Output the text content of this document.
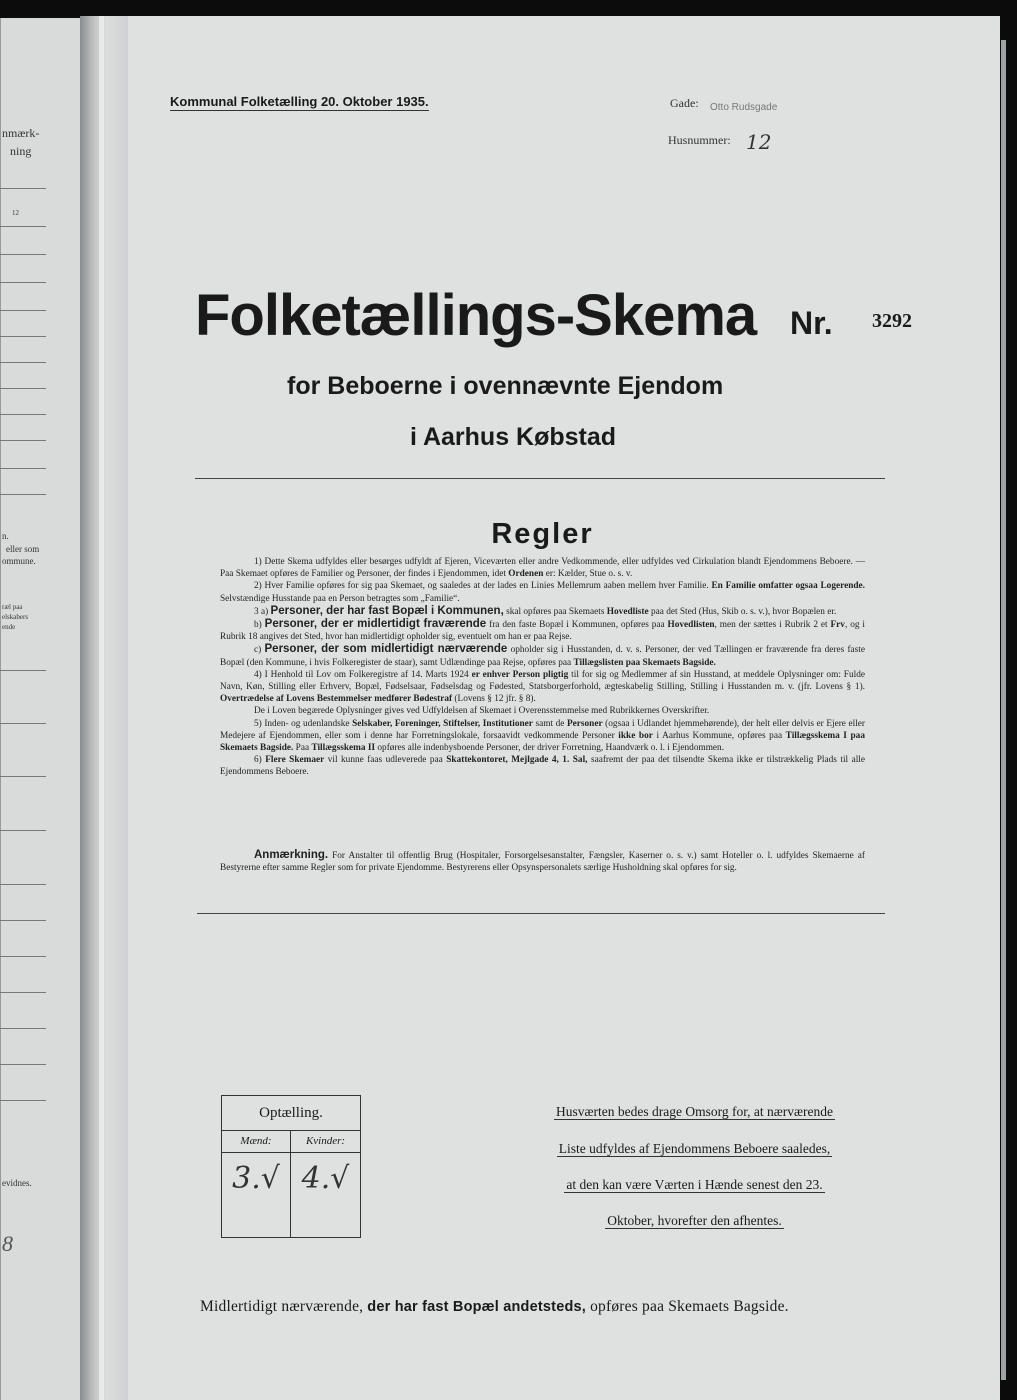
nmærk-
ning
12
n.
eller som
ommune.
ræl paa
elskabers
ende
evidnes.
8
Kommunal Folketælling 20. Oktober 1935.	Gade: Otto Rudsgade
Husnummer: 12
Folketællings-Skema Nr. 3292
for Beboerne i ovennævnte Ejendom
i Aarhus Købstad
Regler

1) Dette Skema udfyldes eller besørges udfyldt af Ejeren, Viceværten eller andre Vedkommende, eller udfyldes ved Cirkulation blandt Ejendommens Beboere. — Paa Skemaet opføres de Familier og Personer, der findes i Ejendommen, idet Ordenen er: Kælder, Stue o. s. v.

2) Hver Familie opføres for sig paa Skemaet, og saaledes at der lades en Linies Mellemrum aaben mellem hver Familie. En Familie omfatter ogsaa Logerende. Selvstændige Husstande paa en Person betragtes som „Familie“.

3 a) Personer, der har fast Bopæl i Kommunen, skal opføres paa Skemaets Hovedliste paa det Sted (Hus, Skib o. s. v.), hvor Bopælen er.

b) Personer, der er midlertidigt fraværende fra den faste Bopæl i Kommunen, opføres paa Hovedlisten, men der sættes i Rubrik 2 et Frv, og i Rubrik 18 angives det Sted, hvor han midlertidigt opholder sig, eventuelt om han er paa Rejse.

c) Personer, der som midlertidigt nærværende opholder sig i Husstanden, d. v. s. Personer, der ved Tællingen er fraværende fra deres faste Bopæl (den Kommune, i hvis Folkeregister de staar), samt Udlændinge paa Rejse, opføres paa Tillægslisten paa Skemaets Bagside.

4) I Henhold til Lov om Folkeregistre af 14. Marts 1924 er enhver Person pligtig til for sig og Medlemmer af sin Husstand, at meddele Oplysninger om: Fulde Navn, Køn, Stilling eller Erhverv, Bopæl, Fødselsaar, Fødselsdag og Fødested, Statsborgerforhold, ægteskabelig Stilling, Stilling i Husstanden m. v. (jfr. Lovens § 1). Overtrædelse af Lovens Bestemmelser medfører Bødestraf (Lovens § 12 jfr. § 8).

De i Loven begærede Oplysninger gives ved Udfyldelsen af Skemaet i Overensstemmelse med Rubrikkernes Overskrifter.

5) Inden- og udenlandske Selskaber, Foreninger, Stiftelser, Institutioner samt de Personer (ogsaa i Udlandet hjemmehørende), der helt eller delvis er Ejere eller Medejere af Ejendommen, eller som i denne har Forretningslokale, forsaavidt vedkommende Personer ikke bor i Aarhus Kommune, opføres paa Tillægsskema I paa Skemaets Bagside. Paa Tillægsskema II opføres alle indenbysboende Personer, der driver Forretning, Haandværk o. l. i Ejendommen.

6) Flere Skemaer vil kunne faas udleverede paa Skattekontoret, Mejlgade 4, 1. Sal, saafremt der paa det tilsendte Skema ikke er tilstrækkelig Plads til alle Ejendommens Beboere.

Anmærkning. For Anstalter til offentlig Brug (Hospitaler, Forsorgelsesanstalter, Fængsler, Kaserner o. s. v.) samt Hoteller o. l. udfyldes Skemaerne af Bestyrerne efter samme Regler som for private Ejendomme. Bestyrerens eller Opsynspersonalets særlige Husholdning skal opføres for sig.

Optælling.
Mænd:
3.√
Kvinder:
4.√
Husværten bedes drage Omsorg for, at nærværende
Liste udfyldes af Ejendommens Beboere saaledes,
at den kan være Værten i Hænde senest den 23.
Oktober, hvorefter den afhentes.
Midlertidigt nærværende, der har fast Bopæl andetsteds, opføres paa Skemaets Bagside.
